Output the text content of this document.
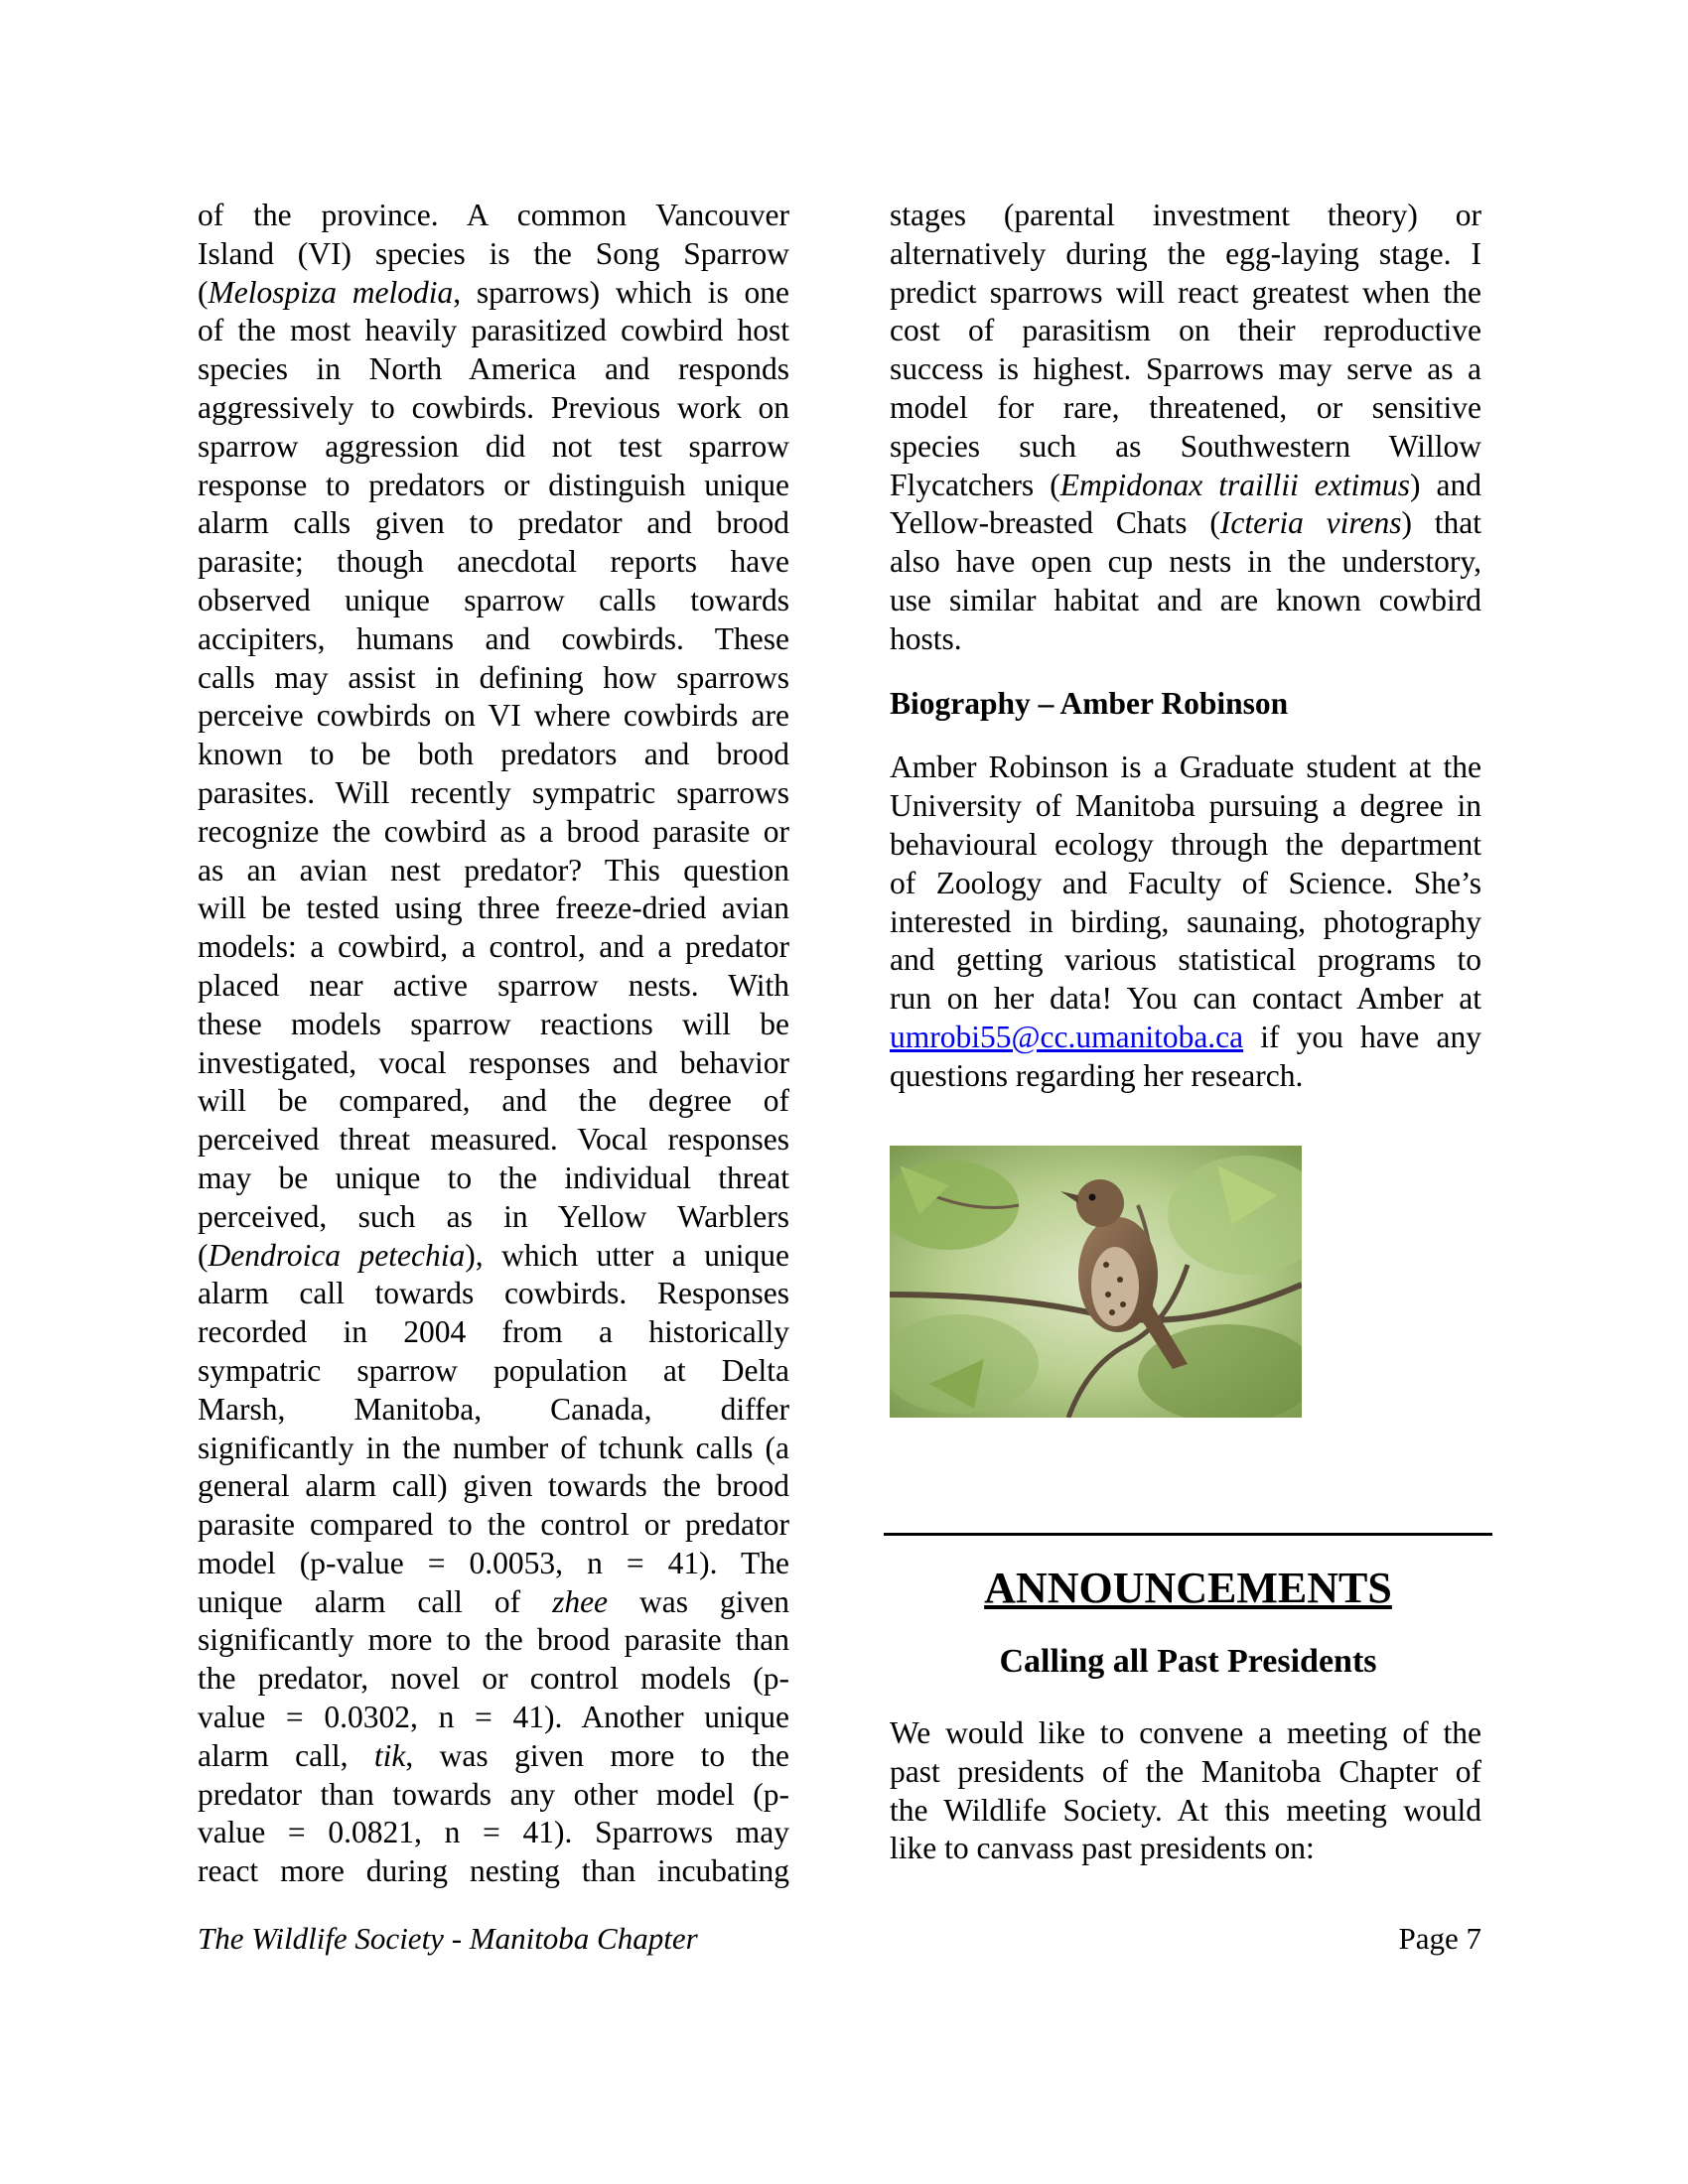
of the province. A common Vancouver
Island (VI) species is the Song Sparrow
(Melospiza melodia, sparrows) which is one
of the most heavily parasitized cowbird host
species in North America and responds
aggressively to cowbirds. Previous work on
sparrow aggression did not test sparrow
response to predators or distinguish unique
alarm calls given to predator and brood
parasite; though anecdotal reports have
observed unique sparrow calls towards
accipiters, humans and cowbirds. These
calls may assist in defining how sparrows
perceive cowbirds on VI where cowbirds are
known to be both predators and brood
parasites. Will recently sympatric sparrows
recognize the cowbird as a brood parasite or
as an avian nest predator? This question
will be tested using three freeze-dried avian
models: a cowbird, a control, and a predator
placed near active sparrow nests. With
these models sparrow reactions will be
investigated, vocal responses and behavior
will be compared, and the degree of
perceived threat measured. Vocal responses
may be unique to the individual threat
perceived, such as in Yellow Warblers
(Dendroica petechia), which utter a unique
alarm call towards cowbirds. Responses
recorded in 2004 from a historically
sympatric sparrow population at Delta
Marsh, Manitoba, Canada, differ
significantly in the number of tchunk calls (a
general alarm call) given towards the brood
parasite compared to the control or predator
model (p-value = 0.0053, n = 41). The
unique alarm call of zhee was given
significantly more to the brood parasite than
the predator, novel or control models (p-
value = 0.0302, n = 41). Another unique
alarm call, tik, was given more to the
predator than towards any other model (p-
value = 0.0821, n = 41). Sparrows may
react more during nesting than incubating
stages (parental investment theory) or
alternatively during the egg-laying stage. I
predict sparrows will react greatest when the
cost of parasitism on their reproductive
success is highest. Sparrows may serve as a
model for rare, threatened, or sensitive
species such as Southwestern Willow
Flycatchers (Empidonax traillii extimus) and
Yellow-breasted Chats (Icteria virens) that
also have open cup nests in the understory,
use similar habitat and are known cowbird
hosts.
Biography – Amber Robinson
Amber Robinson is a Graduate student at the
University of Manitoba pursuing a degree in
behavioural ecology through the department
of Zoology and Faculty of Science. She’s
interested in birding, saunaing, photography
and getting various statistical programs to
run on her data! You can contact Amber at
umrobi55@cc.umanitoba.ca if you have any
questions regarding her research.
ANNOUNCEMENTS
Calling all Past Presidents
We would like to convene a meeting of the
past presidents of the Manitoba Chapter of
the Wildlife Society. At this meeting would
like to canvass past presidents on:
The Wildlife Society - Manitoba Chapter	Page 7
